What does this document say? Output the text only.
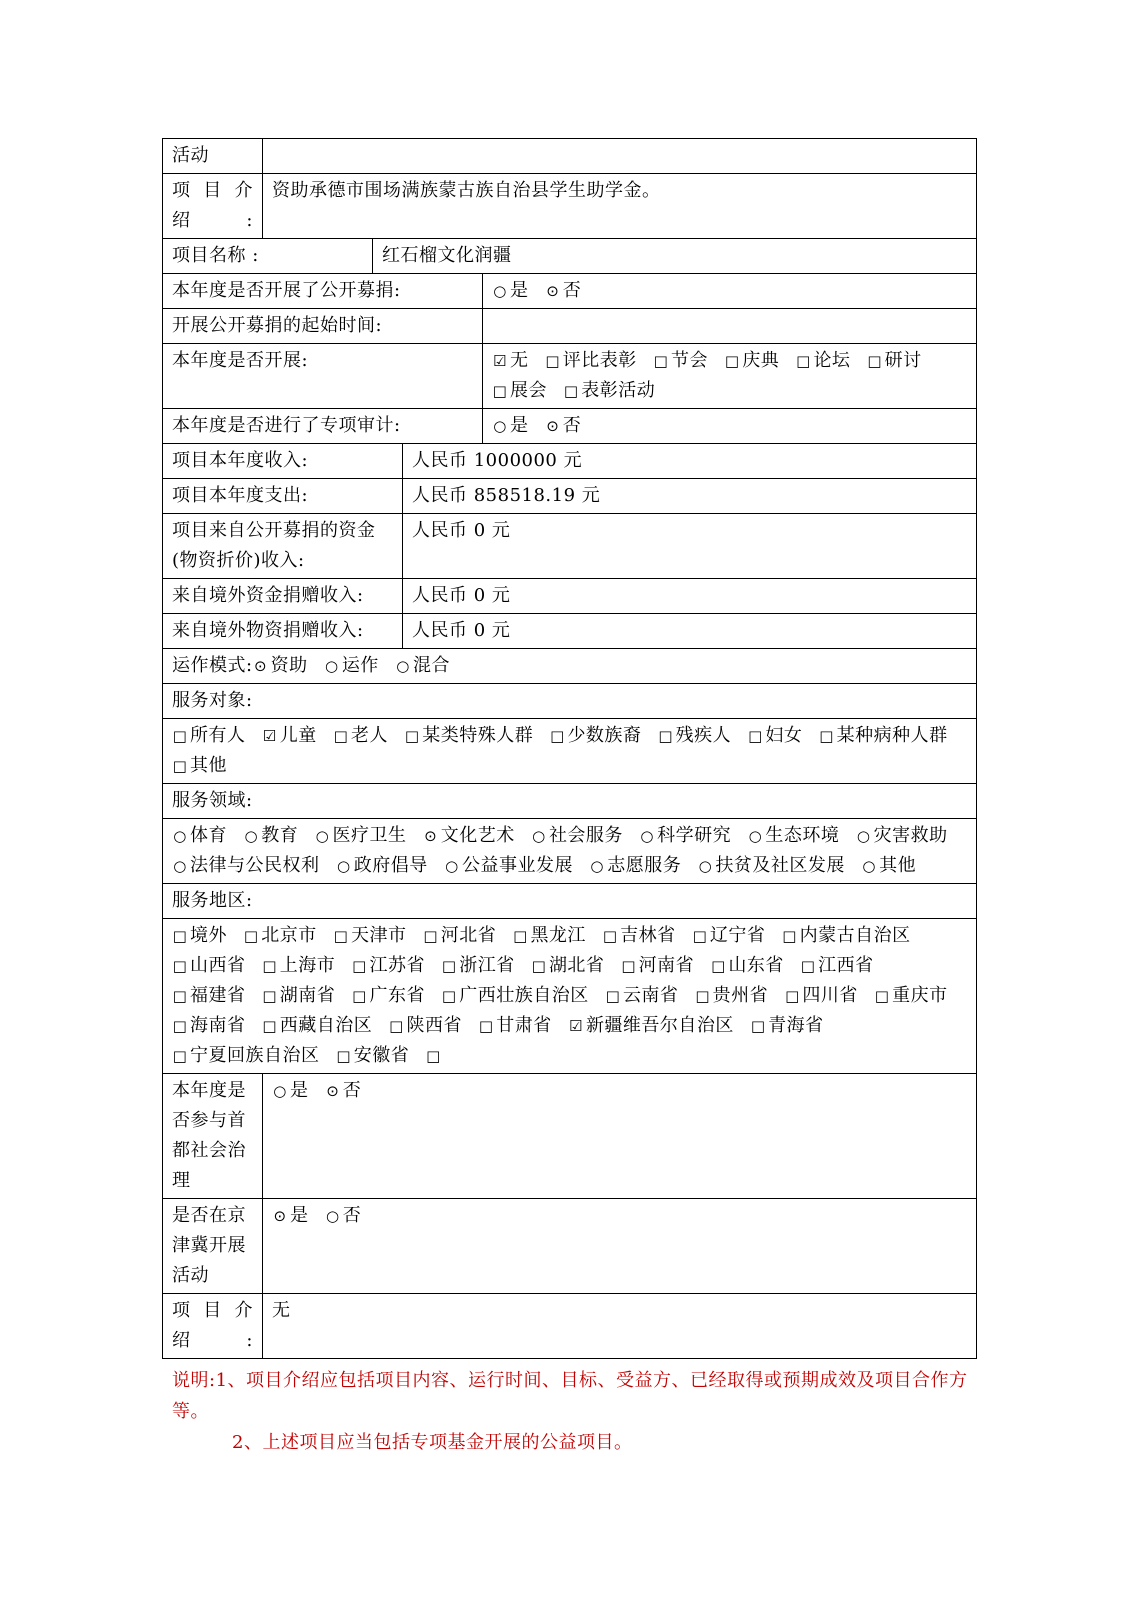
活动				
项 目 介绍:	资助承德市围场满族蒙古族自治县学生助学金。			
项目名称 :		红石榴文化润疆		
本年度是否开展了公开募捐:				○ 是 ⊙ 否
开展公开募捐的起始时间:				
本年度是否开展:				☑ 无 □ 评比表彰 □ 节会 □ 庆典 □ 论坛 □ 研讨 □ 展会 □ 表彰活动
本年度是否进行了专项审计:				○ 是 ⊙ 否
项目本年度收入:			人民币 1000000 元	
项目本年度支出:			人民币 858518.19 元	
项目来自公开募捐的资金(物资折价)收入:			人民币 0 元	
来自境外资金捐赠收入:			人民币 0 元	
来自境外物资捐赠收入:			人民币 0 元	
运作模式:⊙ 资助 ○ 运作 ○ 混合				
服务对象:				
□ 所有人 ☑ 儿童 □ 老人 □ 某类特殊人群 □ 少数族裔 □ 残疾人 □ 妇女 □ 某种病种人群 □ 其他				
服务领域:				
○ 体育 ○ 教育 ○ 医疗卫生 ⊙ 文化艺术 ○ 社会服务 ○ 科学研究 ○ 生态环境 ○ 灾害救助 ○ 法律与公民权利 ○ 政府倡导 ○ 公益事业发展 ○ 志愿服务 ○ 扶贫及社区发展 ○ 其他				
服务地区:				
□ 境外 □ 北京市 □ 天津市 □ 河北省 □ 黑龙江 □ 吉林省 □ 辽宁省 □ 内蒙古自治区 □ 山西省 □ 上海市 □ 江苏省 □ 浙江省 □ 湖北省 □ 河南省 □ 山东省 □ 江西省 □ 福建省 □ 湖南省 □ 广东省 □ 广西壮族自治区 □ 云南省 □ 贵州省 □ 四川省 □ 重庆市 □ 海南省 □ 西藏自治区 □ 陕西省 □ 甘肃省 ☑ 新疆维吾尔自治区 □ 青海省 □ 宁夏回族自治区 □ 安徽省 □				
本年度是否参与首都社会治理	○ 是 ⊙ 否			
是否在京津冀开展活动	⊙ 是 ○ 否			
项 目 介绍:	无			
说明:1、项目介绍应包括项目内容、运行时间、目标、受益方、已经取得或预期成效及项目合作方等。
2、上述项目应当包括专项基金开展的公益项目。
